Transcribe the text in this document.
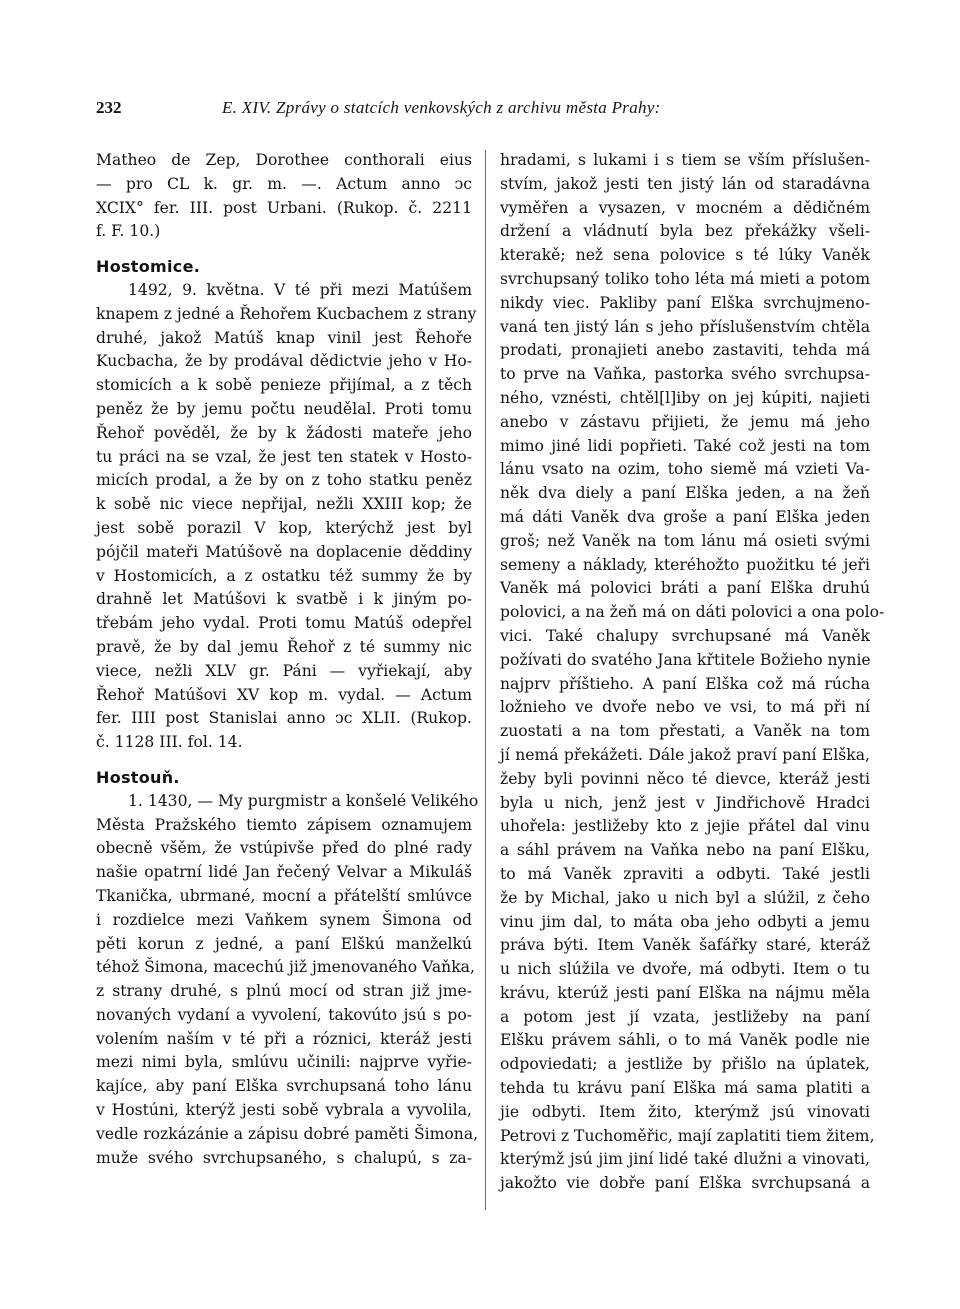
232	E. XIV. Zprávy o statcích venkovských z archivu města Prahy:
Matheo de Zep, Dorothee conthorali eius
— pro CL k. gr. m. —. Actum anno ͻc
XCIX° fer. III. post Urbani. (Rukop. č. 2211
f. F. 10.)
Hostomice.
1492, 9. května. V té při mezi Matúšem
knapem z jedné a Řehořem Kucbachem z strany
druhé, jakož Matúš knap vinil jest Řehoře
Kucbacha, že by prodával dědictvie jeho v Ho-
stomicích a k sobě penieze přijímal, a z těch
peněz že by jemu počtu neudělal. Proti tomu
Řehoř pověděl, že by k žádosti mateře jeho
tu práci na se vzal, že jest ten statek v Hosto-
micích prodal, a že by on z toho statku peněz
k sobě nic viece nepřijal, nežli XXIII kop; že
jest sobě porazil V kop, kterýchž jest byl
pójčil mateři Matúšově na doplacenie děddiny
v Hostomicích, a z ostatku též summy že by
drahně let Matúšovi k svatbě i k jiným po-
třebám jeho vydal. Proti tomu Matúš odepřel
pravě, že by dal jemu Řehoř z té summy nic
viece, nežli XLV gr. Páni — vyřiekají, aby
Řehoř Matúšovi XV kop m. vydal. — Actum
fer. IIII post Stanislai anno ͻc XLII. (Rukop.
č. 1128 III. fol. 14.
Hostouň.
1. 1430, — My purgmistr a konšelé Velikého
Města Pražského tiemto zápisem oznamujem
obecně všěm, že vstúpivše před do plné rady
našie opatrní lidé Jan řečený Velvar a Mikuláš
Tkanička, ubrmané, mocní a přátelští smlúvce
i rozdielce mezi Vaňkem synem Šimona od
pěti korun z jedné, a paní Elškú manželkú
téhož Šimona, macechú již jmenovaného Vaňka,
z strany druhé, s plnú mocí od stran již jme-
novaných vydaní a vyvolení, takovúto jsú s po-
volením naším v té při a róznici, kteráž jesti
mezi nimi byla, smlúvu učinili: najprve vyřie-
kajíce, aby paní Elška svrchupsaná toho lánu
v Hostúni, kterýž jesti sobě vybrala a vyvolila,
vedle rozkázánie a zápisu dobré paměti Šimona,
muže svého svrchupsaného, s chalupú, s za-
hradami, s lukami i s tiem se vším příslušen-
stvím, jakož jesti ten jistý lán od staradávna
vyměřen a vysazen, v mocném a dědičném
držení a vládnutí byla bez překážky všeli-
kterakě; než sena polovice s té lúky Vaněk
svrchupsaný toliko toho léta má mieti a potom
nikdy viec. Pakliby paní Elška svrchujmeno-
vaná ten jistý lán s jeho příslušenstvím chtěla
prodati, pronajieti anebo zastaviti, tehda má
to prve na Vaňka, pastorka svého svrchupsa-
ného, vznésti, chtěl[l]iby on jej kúpiti, najieti
anebo v zástavu přijieti, že jemu má jeho
mimo jiné lidi popřieti. Také což jesti na tom
lánu vsato na ozim, toho siemě má vzieti Va-
něk dva diely a paní Elška jeden, a na žeň
má dáti Vaněk dva groše a paní Elška jeden
groš; než Vaněk na tom lánu má osieti svými
semeny a náklady, kteréhožto puožitku té jeři
Vaněk má polovici bráti a paní Elška druhú
polovici, a na žeň má on dáti polovici a ona polo-
vici. Také chalupy svrchupsané má Vaněk
požívati do svatého Jana křtitele Božieho nynie
najprv příštieho. A paní Elška což má rúcha
ložnieho ve dvoře nebo ve vsi, to má při ní
zuostati a na tom přestati, a Vaněk na tom
jí nemá překážeti. Dále jakož praví paní Elška,
žeby byli povinni něco té dievce, kteráž jesti
byla u nich, jenž jest v Jindřichově Hradci
uhořela: jestližeby kto z jejie přátel dal vinu
a sáhl právem na Vaňka nebo na paní Elšku,
to má Vaněk zpraviti a odbyti. Také jestli
že by Michal, jako u nich byl a slúžil, z čeho
vinu jim dal, to máta oba jeho odbyti a jemu
práva býti. Item Vaněk šafářky staré, kteráž
u nich slúžila ve dvoře, má odbyti. Item o tu
krávu, kterúž jesti paní Elška na nájmu měla
a potom jest jí vzata, jestližeby na paní
Elšku právem sáhli, o to má Vaněk podle nie
odpoviedati; a jestliže by přišlo na úplatek,
tehda tu krávu paní Elška má sama platiti a
jie odbyti. Item žito, kterýmž jsú vinovati
Petrovi z Tuchoměřic, mají zaplatiti tiem žitem,
kterýmž jsú jim jiní lidé také dlužni a vinovati,
jakožto vie dobře paní Elška svrchupsaná a
